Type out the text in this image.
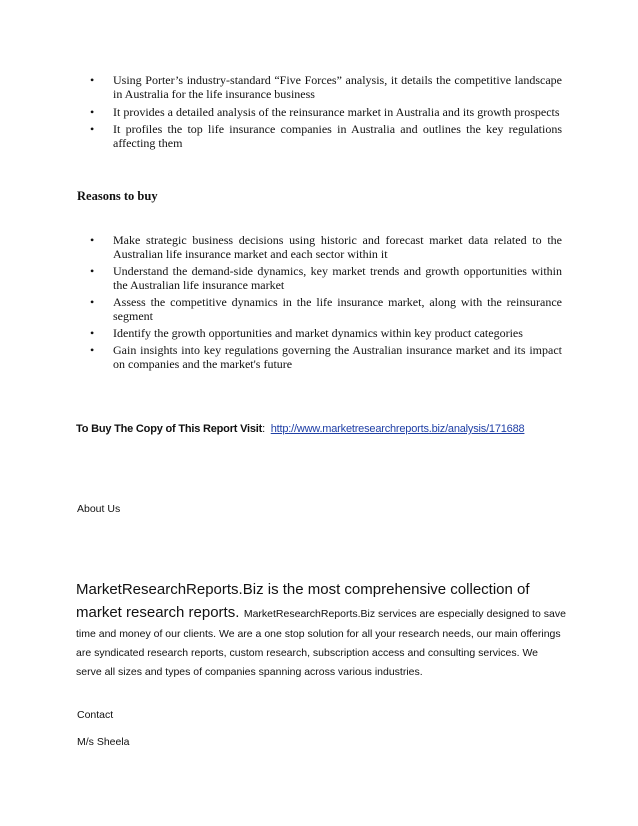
• Using Porter’s industry-standard “Five Forces” analysis, it details the competitive landscape in Australia for the life insurance business
• It provides a detailed analysis of the reinsurance market in Australia and its growth prospects
• It profiles the top life insurance companies in Australia and outlines the key regulations affecting them
Reasons to buy
• Make strategic business decisions using historic and forecast market data related to the Australian life insurance market and each sector within it
• Understand the demand-side dynamics, key market trends and growth opportunities within the Australian life insurance market
• Assess the competitive dynamics in the life insurance market, along with the reinsurance segment
• Identify the growth opportunities and market dynamics within key product categories
• Gain insights into key regulations governing the Australian insurance market and its impact on companies and the market's future
To Buy The Copy of This Report Visit: http://www.marketresearchreports.biz/analysis/171688
About Us
MarketResearchReports.Biz is the most comprehensive collection of market research reports. MarketResearchReports.Biz services are especially designed to save time and money of our clients. We are a one stop solution for all your research needs, our main offerings are syndicated research reports, custom research, subscription access and consulting services. We serve all sizes and types of companies spanning across various industries.
Contact
M/s Sheela
